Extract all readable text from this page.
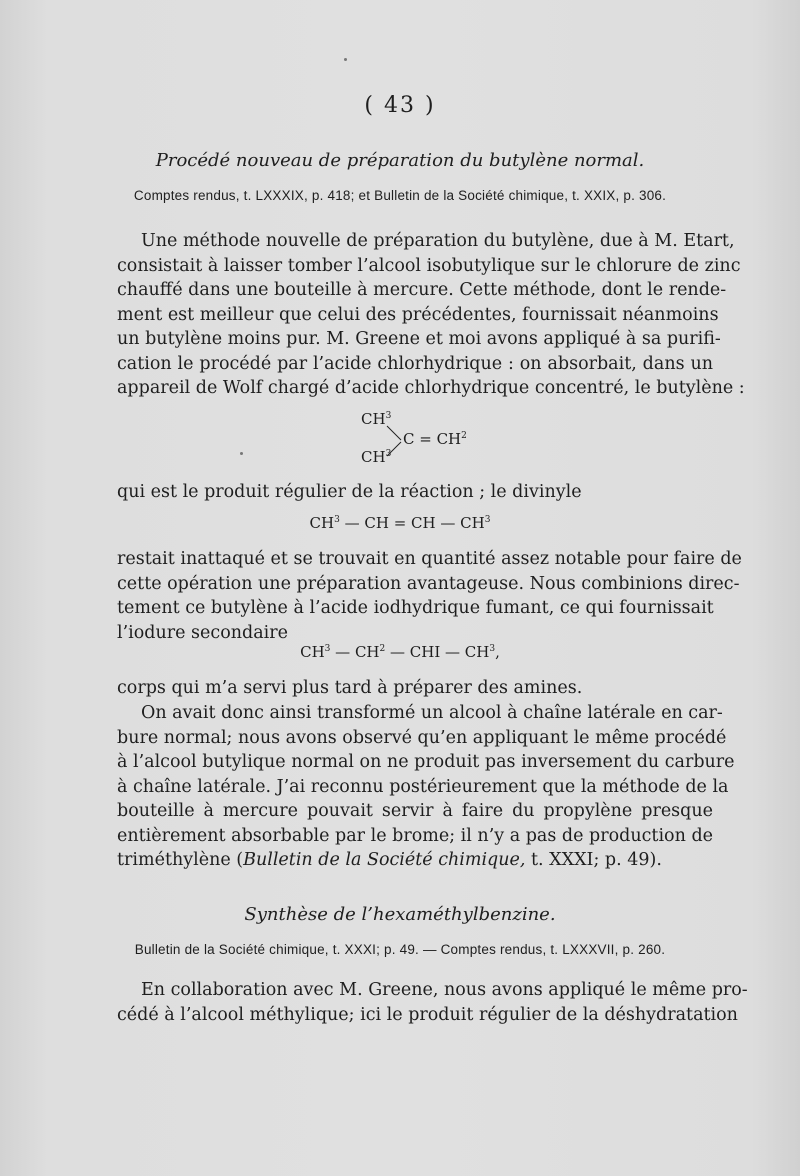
( 43 )
Procédé nouveau de préparation du butylène normal.
Comptes rendus, t. LXXXIX, p. 418; et Bulletin de la Société chimique, t. XXIX, p. 306.
Une méthode nouvelle de préparation du butylène, due à M. Etart,
consistait à laisser tomber l’alcool isobutylique sur le chlorure de zinc
chauffé dans une bouteille à mercure. Cette méthode, dont le rende-
ment est meilleur que celui des précédentes, fournissait néanmoins
un butylène moins pur. M. Greene et moi avons appliqué à sa purifi-
cation le procédé par l’acide chlorhydrique : on absorbait, dans un
appareil de Wolf chargé d’acide chlorhydrique concentré, le butylène :
$CH^3$
$C = CH^2$
$CH^3$
qui est le produit régulier de la réaction ; le divinyle
$CH^3$ — CH = CH — $CH^3$
restait inattaqué et se trouvait en quantité assez notable pour faire de
cette opération une préparation avantageuse. Nous combinions direc-
tement ce butylène à l’acide iodhydrique fumant, ce qui fournissait
l’iodure secondaire
$CH^3$ — $CH^2$ — CHI — $CH^3$,
corps qui m’a servi plus tard à préparer des amines.
On avait donc ainsi transformé un alcool à chaîne latérale en car-
bure normal; nous avons observé qu’en appliquant le même procédé
à l’alcool butylique normal on ne produit pas inversement du carbure
à chaîne latérale. J’ai reconnu postérieurement que la méthode de la
bouteille à mercure pouvait servir à faire du propylène presque
entièrement absorbable par le brome; il n’y a pas de production de
triméthylène (Bulletin de la Société chimique, t. XXXI; p. 49).
Synthèse de l’hexaméthylbenzine.
Bulletin de la Société chimique, t. XXXI; p. 49. — Comptes rendus, t. LXXXVII, p. 260.
En collaboration avec M. Greene, nous avons appliqué le même pro-
cédé à l’alcool méthylique; ici le produit régulier de la déshydratation
